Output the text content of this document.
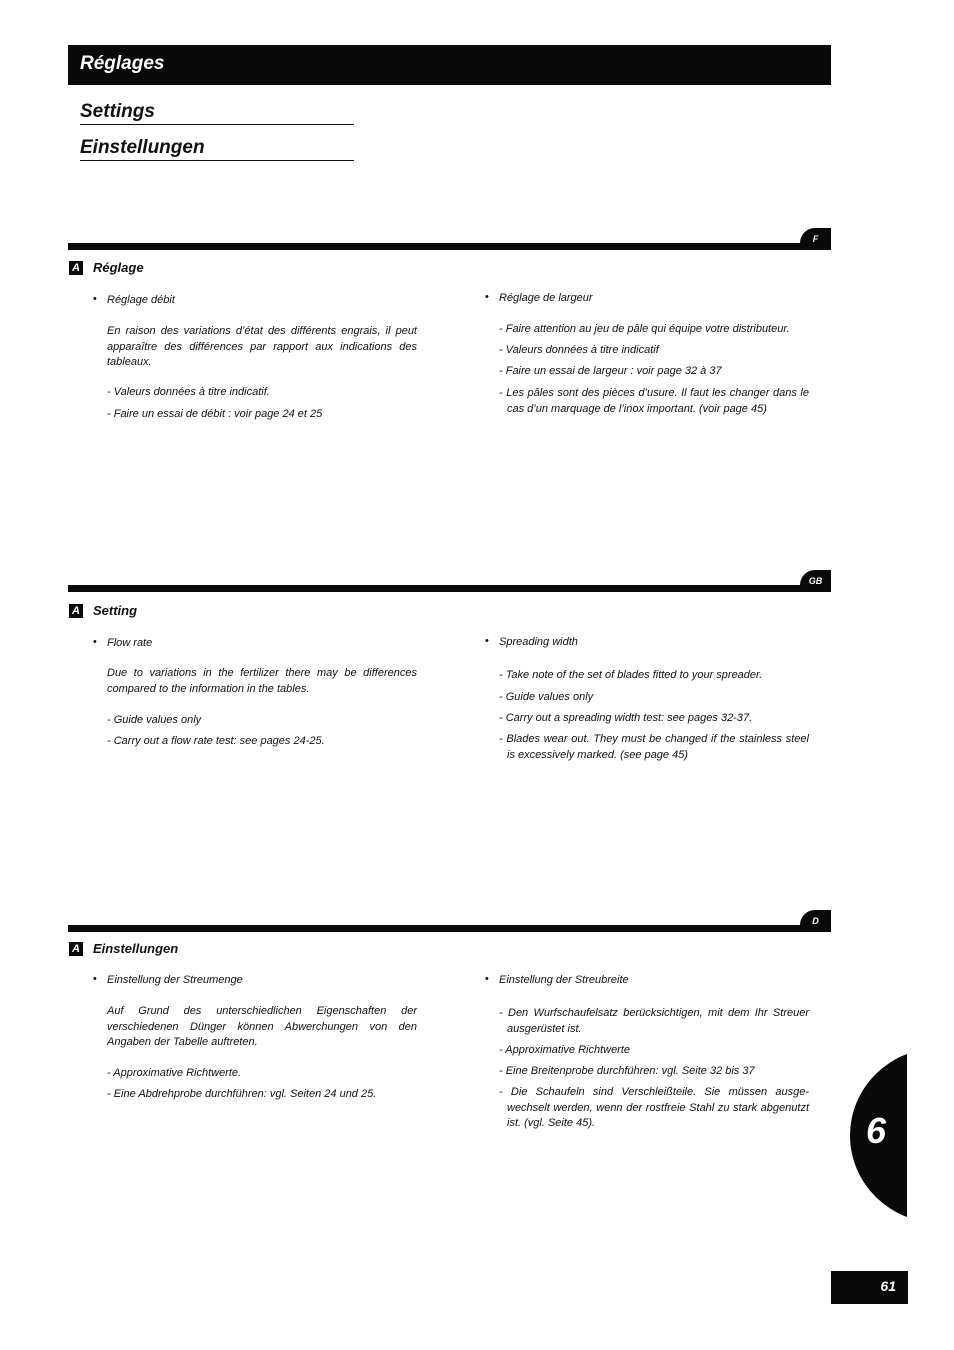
Réglages
Settings
Einstellungen
F
A Réglage
• Réglage débit
En raison des variations d’état des différents engrais, il peut apparaître des différences par rapport aux indications des tableaux.
- Valeurs données à titre indicatif.
- Faire un essai de débit : voir page 24 et 25
• Réglage de largeur
- Faire attention au jeu de pâle qui équipe votre distributeur.
- Valeurs données à titre indicatif
- Faire un essai de largeur : voir page 32 à 37
- Les pâles sont des pièces d’usure. Il faut les changer dans le cas d’un marquage de l’inox important. (voir page 45)
GB
A Setting
• Flow rate
Due to variations in the fertilizer there may be differences compared to the information in the tables.
- Guide values only
- Carry out a flow rate test: see pages 24-25.
• Spreading width
- Take note of the set of blades fitted to your spreader.
- Guide values only
- Carry out a spreading width test: see pages 32-37.
- Blades wear out. They must be changed if the stainless steel is excessively marked. (see page 45)
D
A Einstellungen
• Einstellung der Streumenge
Auf Grund des unterschiedlichen Eigenschaften der verschiedenen Dünger können Abwerchungen von den Angaben der Tabelle auftreten.
- Approximative Richtwerte.
- Eine Abdrehprobe durchführen: vgl. Seiten 24 und 25.
• Einstellung der Streubreite
- Den Wurfschaufelsatz berücksichtigen, mit dem Ihr Streuer ausgerüstet ist.
- Approximative Richtwerte
- Eine Breitenprobe durchführen: vgl. Seite 32 bis 37
- Die Schaufeln sind Verschleißteile. Sie müssen ausge-wechselt werden, wenn der rostfreie Stahl zu stark abgenutzt ist. (vgl. Seite 45).	6
61
